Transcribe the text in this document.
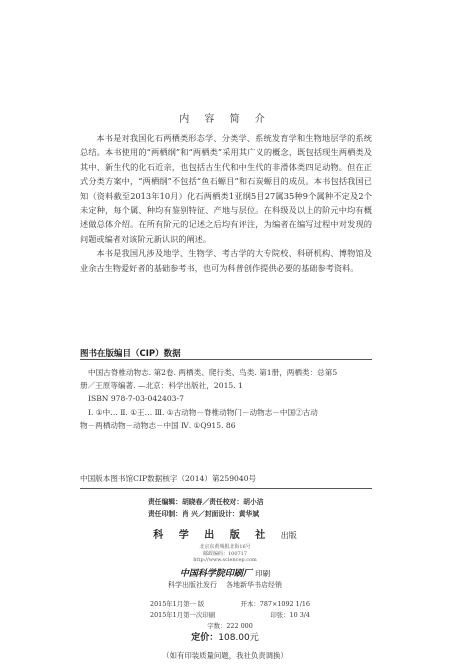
内 容 简 介

本书是对我国化石两栖类形态学、分类学、系统发育学和生物地层学的系统总结。本书使用的“两栖纲”和“两栖类”采用其广义的概念，既包括现生两栖类及其中、新生代的化石近亲，也包括古生代和中生代的非滑体类四足动物。但在正式分类方案中，“两栖纲”不包括“鱼石螈目”和石炭螈目的成员。本书包括我国已知（资料截至2013年10月）化石两栖类1亚纲5目27属35种9个属种不定及2个未定种，每个属、种均有鉴别特征、产地与层位。在科级及以上的阶元中均有概述做总体介绍。在所有阶元的记述之后均有评注，为编者在编写过程中对发现的问题或编者对该阶元新认识的阐述。

本书是我国凡涉及地学、生物学、考古学的大专院校、科研机构、博物馆及业余古生物爱好者的基础参考书，也可为科普创作提供必要的基础参考资料。

图书在版编目（CIP）数据
中国古脊椎动物志. 第2卷. 两栖类、爬行类、鸟类. 第1册，两栖类：总第5
册／王原等编著. —北京：科学出版社，2015. 1
ISBN 978-7-03-042403-7
Ⅰ. ①中… Ⅱ. ①王… Ⅲ. ①古动物－脊椎动物门－动物志－中国②古动
物－两栖动物－动物志－中国 Ⅳ. ①Q915. 86
中国版本图书馆CIP数据核字（2014）第259040号
责任编辑：胡晓春／责任校对：胡小洁
责任印制：肖 兴／封面设计：黄华斌
科 学 出 版 社 出版
北京东黄城根北街16号
邮政编码：100717
http://www.sciencep.com
中国科学院印刷厂 印刷
科学出版社发行    各地新华书店经销
2015年1月第一 版	开本：787×1092 1/16
2015年1月第一次印刷	印张：10 3/4
字数：222 000
定价：108.00元
（如有印装质量问题，我社负责调换）
